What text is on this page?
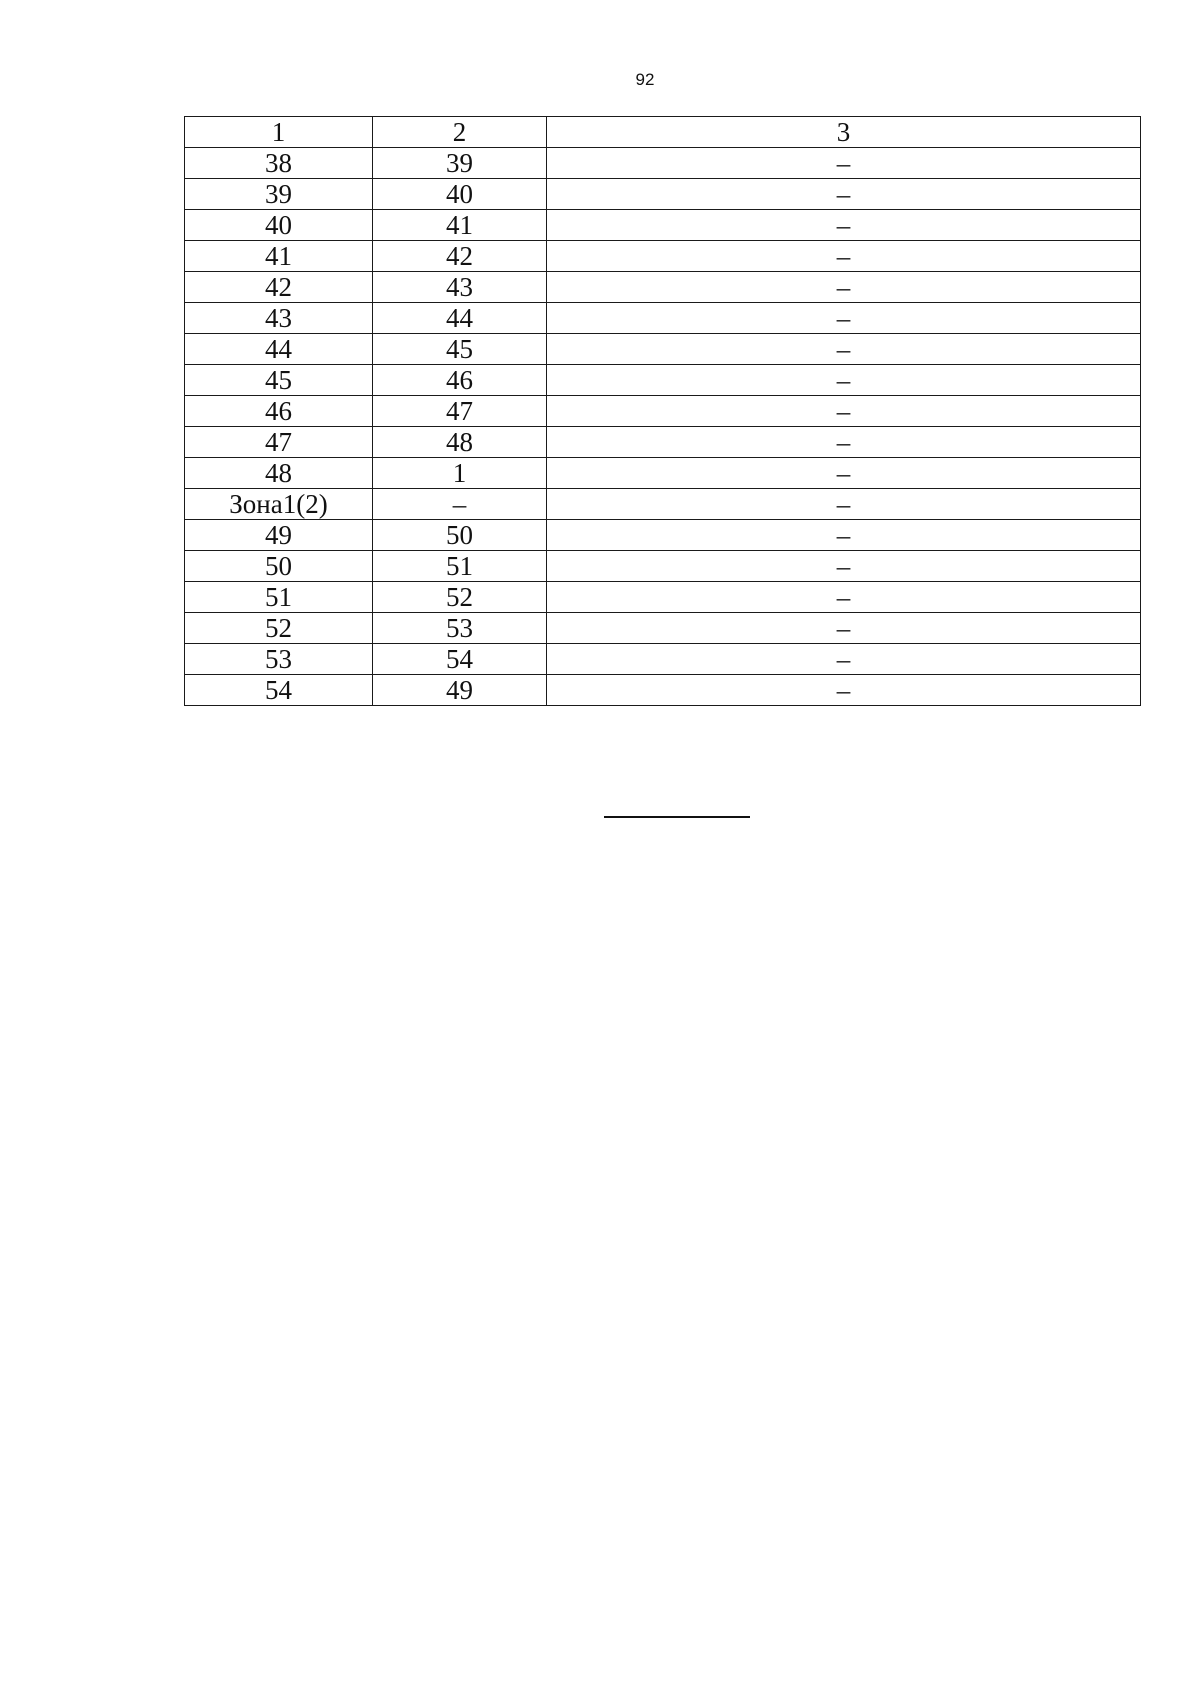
92
1	2	3
38	39	–
39	40	–
40	41	–
41	42	–
42	43	–
43	44	–
44	45	–
45	46	–
46	47	–
47	48	–
48	1	–
Зона1(2)	–	–
49	50	–
50	51	–
51	52	–
52	53	–
53	54	–
54	49	–
